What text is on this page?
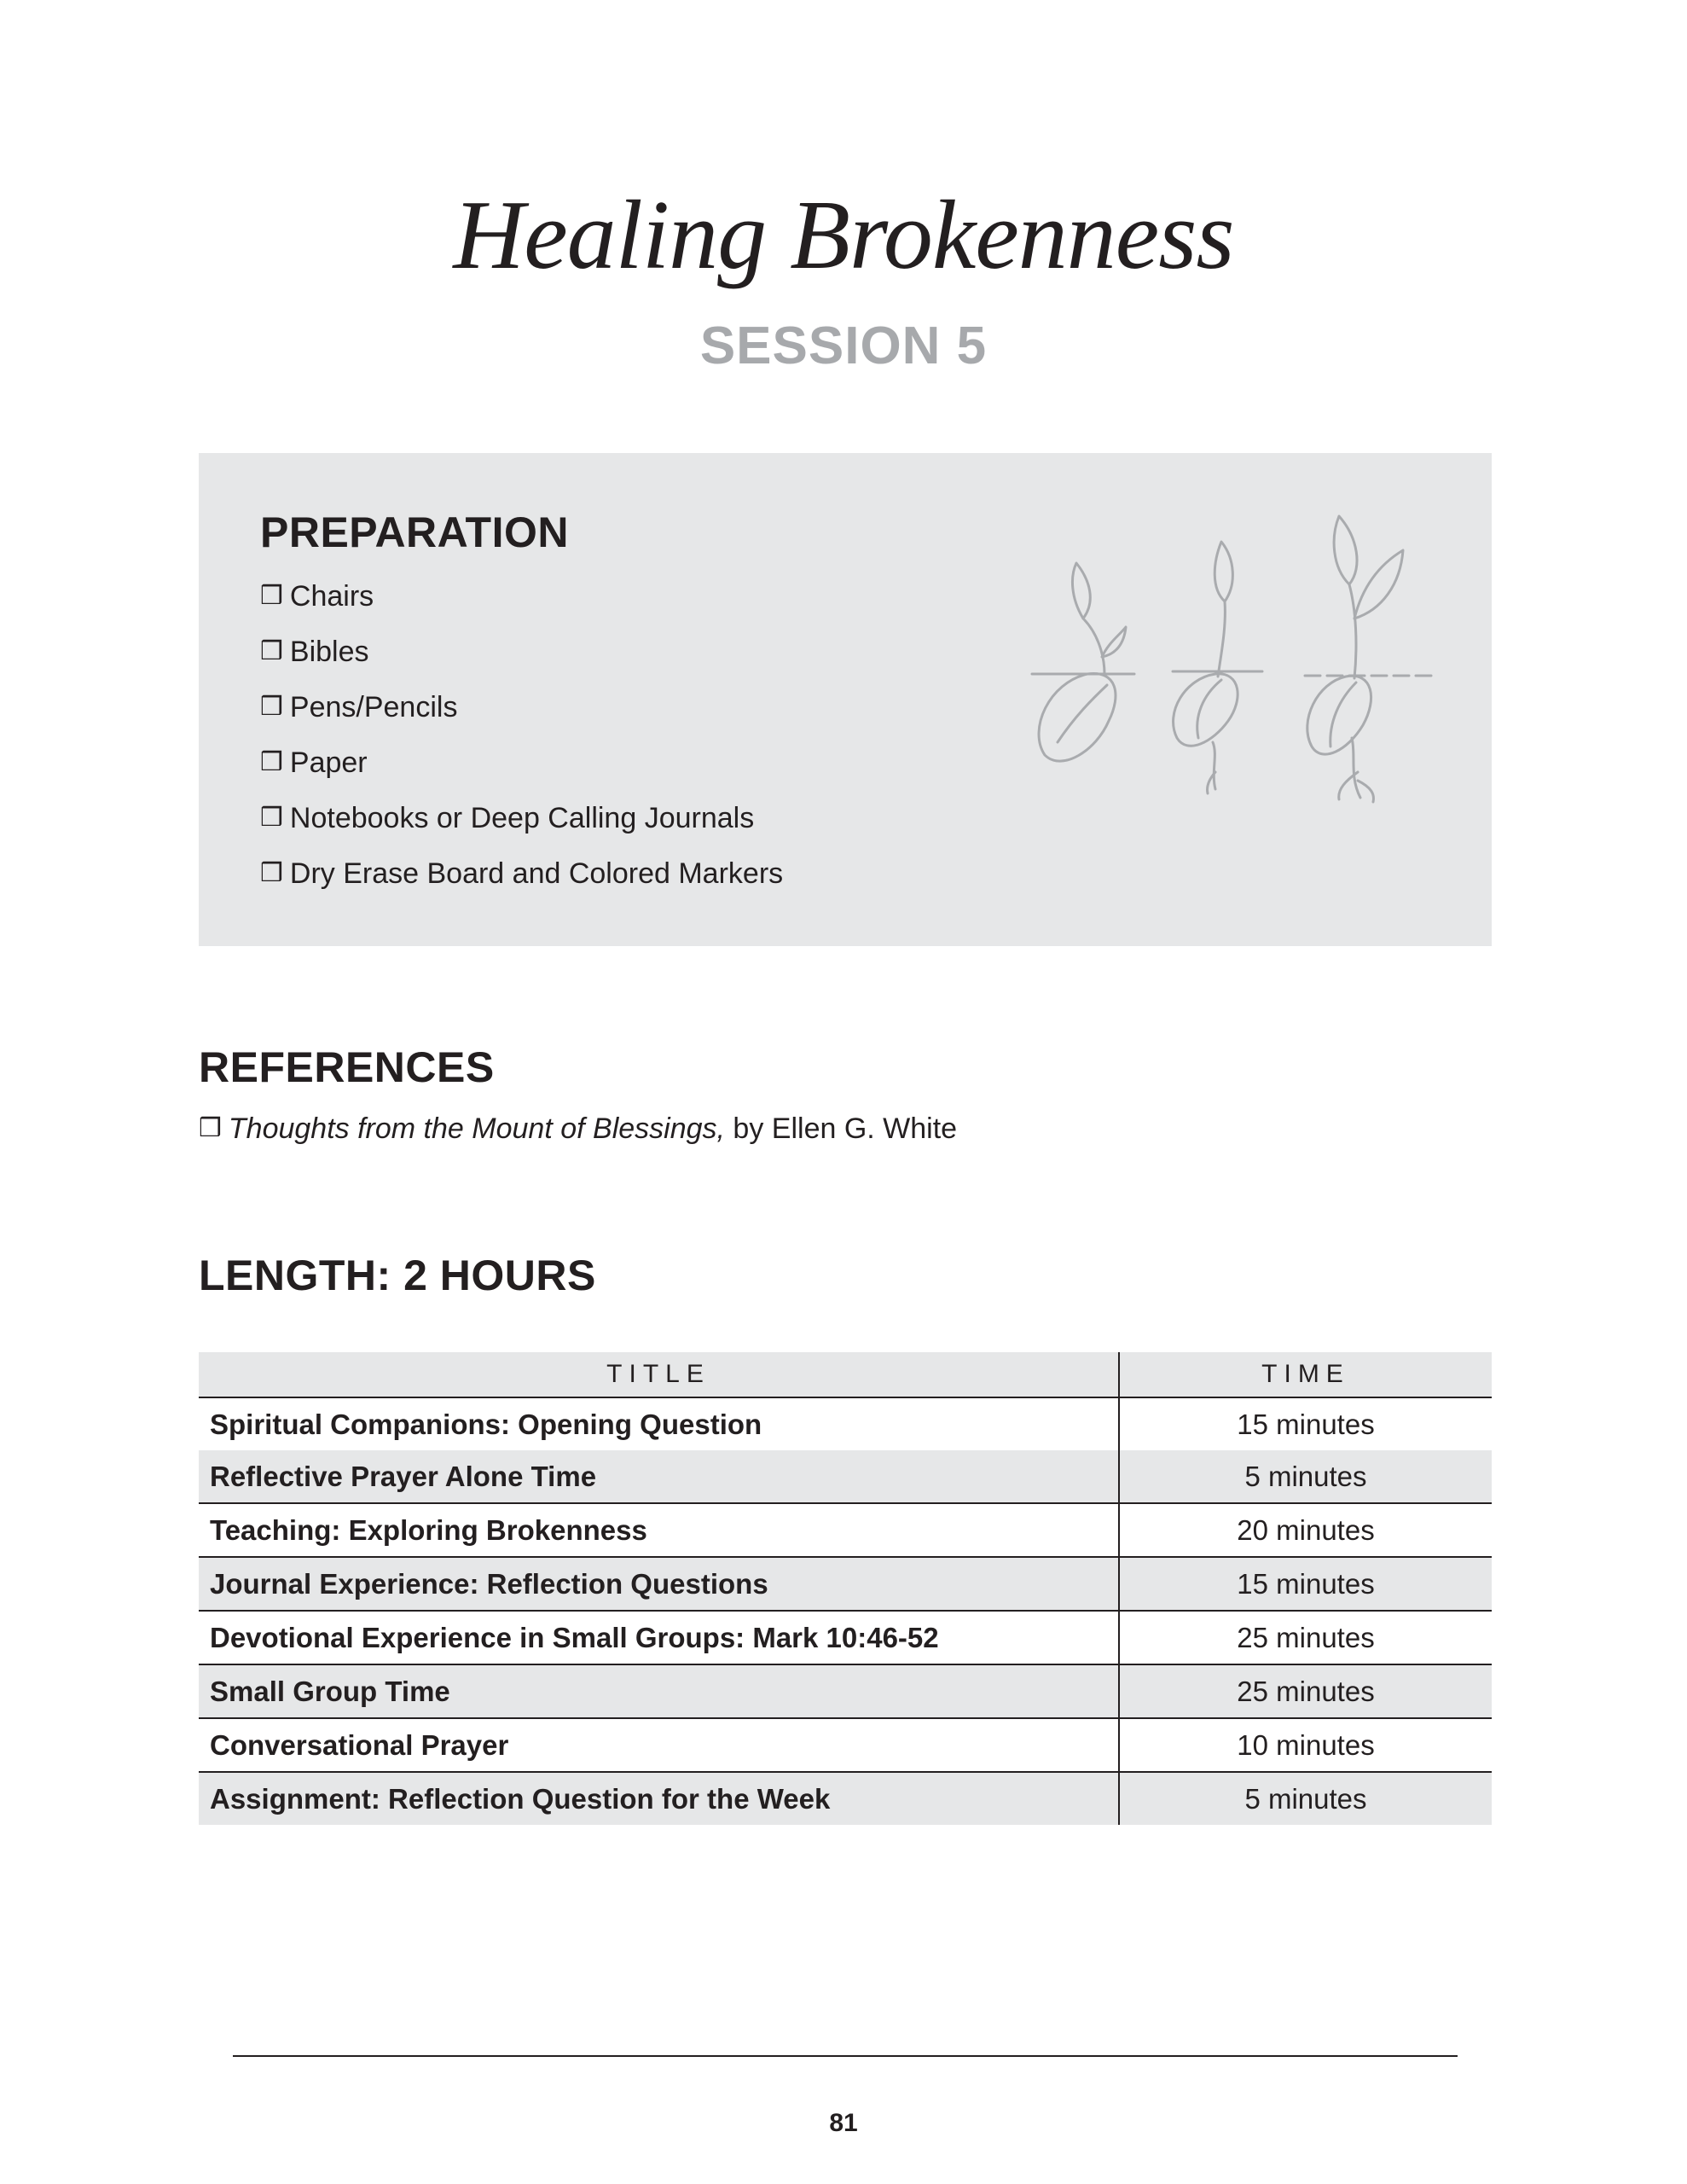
Healing Brokenness
SESSION 5
PREPARATION
❒ Chairs
❒ Bibles
❒ Pens/Pencils
❒ Paper
❒ Notebooks or Deep Calling Journals
❒ Dry Erase Board and Colored Markers
REFERENCES
❒ Thoughts from the Mount of Blessings, by Ellen G. White
LENGTH: 2 HOURS
TITLE	TIME
Spiritual Companions: Opening Question	15 minutes
Reflective Prayer Alone Time	5 minutes
Teaching: Exploring Brokenness	20 minutes
Journal Experience: Reflection Questions	15 minutes
Devotional Experience in Small Groups: Mark 10:46-52	25 minutes
Small Group Time	25 minutes
Conversational Prayer	10 minutes
Assignment: Reflection Question for the Week	5 minutes
81
